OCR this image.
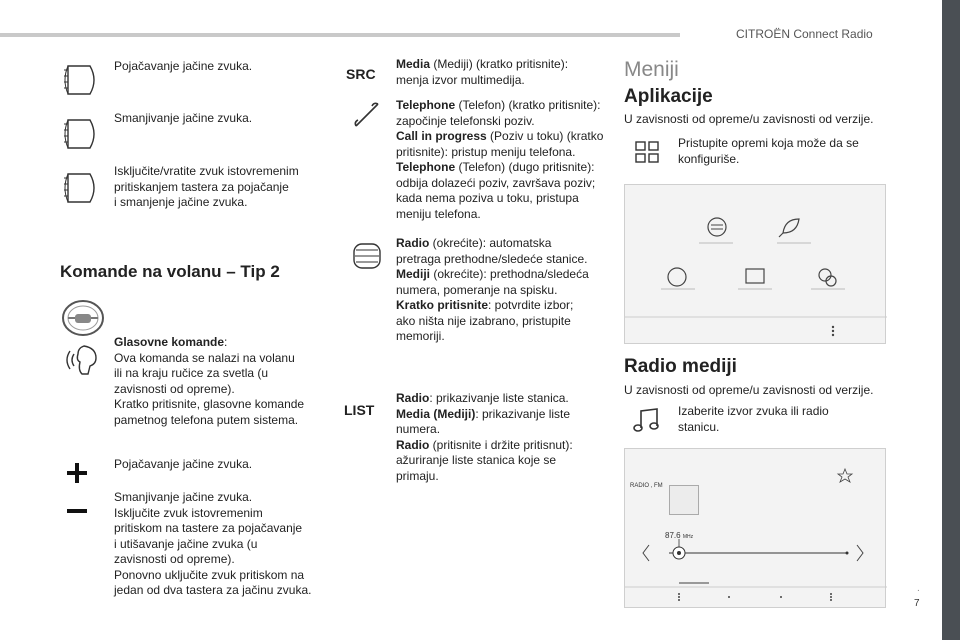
CITROËN Connect Radio
.
7
Pojačavanje jačine zvuka.
Smanjivanje jačine zvuka.
Isključite/vratite zvuk istovremenim
pritiskanjem tastera za pojačanje
i smanjenje jačine zvuka.
Komande na volanu – Tip 2
Glasovne komande:
Ova komanda se nalazi na volanu
ili na kraju ručice za svetla (u
zavisnosti od opreme).
Kratko pritisnite, glasovne komande
pametnog telefona putem sistema.
Pojačavanje jačine zvuka.
Smanjivanje jačine zvuka.
Isključite zvuk istovremenim
pritiskom na tastere za pojačavanje
i utišavanje jačine zvuka (u
zavisnosti od opreme).
Ponovno uključite zvuk pritiskom na
jedan od dva tastera za jačinu zvuka.
SRC
Media (Mediji) (kratko pritisnite):
menja izvor multimedija.
Telephone (Telefon) (kratko pritisnite):
započinje telefonski poziv.
Call in progress (Poziv u toku) (kratko
pritisnite): pristup meniju telefona.
Telephone (Telefon) (dugo pritisnite):
odbija dolazeći poziv, završava poziv;
kada nema poziva u toku, pristupa
meniju telefona.
Radio (okrećite): automatska
pretraga prethodne/sledeće stanice.
Mediji (okrećite): prethodna/sledeća
numera, pomeranje na spisku.
Kratko pritisnite: potvrdite izbor;
ako ništa nije izabrano, pristupite
memoriji.
LIST
Radio: prikazivanje liste stanica.
Media (Mediji): prikazivanje liste
numera.
Radio (pritisnite i držite pritisnut):
ažuriranje liste stanica koje se
primaju.
Meniji
Aplikacije
U zavisnosti od opreme/u zavisnosti od verzije.
Pristupite opremi koja može da se
konfiguriše.
Radio mediji
U zavisnosti od opreme/u zavisnosti od verzije.
Izaberite izvor zvuka ili radio
stanicu.
RADIO , FM
87.6 MHz
